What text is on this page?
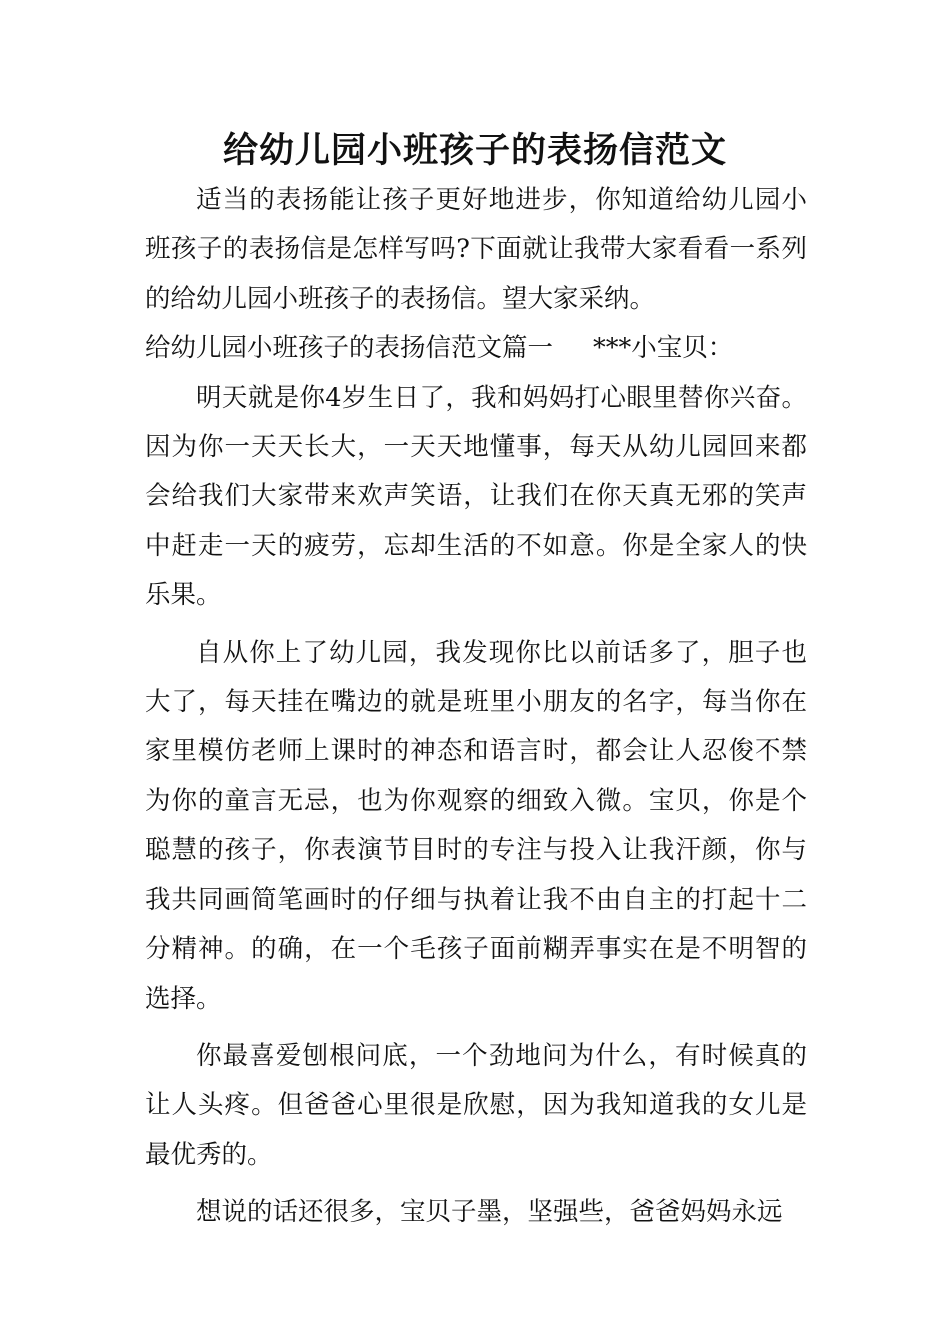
给幼儿园小班孩子的表扬信范文

适当的表扬能让孩子更好地进步，你知道给幼儿园小班孩子的表扬信是怎样写吗?下面就让我带大家看看一系列的给幼儿园小班孩子的表扬信。望大家采纳。

给幼儿园小班孩子的表扬信范文篇一 ***小宝贝：

明天就是你4岁生日了，我和妈妈打心眼里替你兴奋。因为你一天天长大，一天天地懂事，每天从幼儿园回来都会给我们大家带来欢声笑语，让我们在你天真无邪的笑声中赶走一天的疲劳，忘却生活的不如意。你是全家人的快乐果。

自从你上了幼儿园，我发现你比以前话多了，胆子也大了，每天挂在嘴边的就是班里小朋友的名字，每当你在家里模仿老师上课时的神态和语言时，都会让人忍俊不禁为你的童言无忌，也为你观察的细致入微。宝贝，你是个聪慧的孩子，你表演节目时的专注与投入让我汗颜，你与我共同画简笔画时的仔细与执着让我不由自主的打起十二分精神。的确，在一个毛孩子面前糊弄事实在是不明智的选择。

你最喜爱刨根问底，一个劲地问为什么，有时候真的让人头疼。但爸爸心里很是欣慰，因为我知道我的女儿是最优秀的。

想说的话还很多，宝贝子墨，坚强些，爸爸妈妈永远
